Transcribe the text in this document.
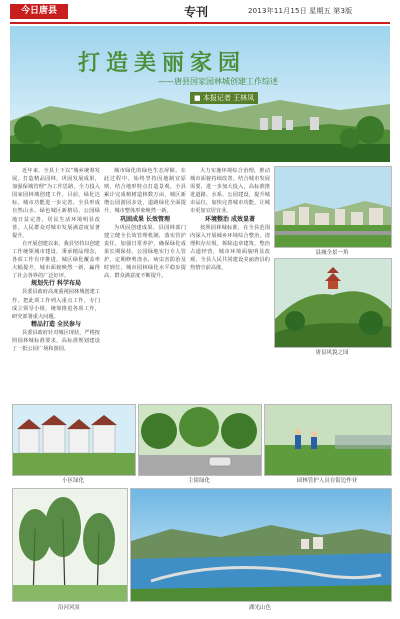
今日唐县	专刊	2013年11月15日 星期五 第3版
打造美丽家园
——唐县国家园林城创建工作综述
■ 本报记者 王林凤

近年来，全县上下以“城乡统筹发展，打造精品园林，巩固发展成果，加强保城管理”为工作思路，全力投入国家园林城创建工作。目前，绿化达标，城市功能进一步完善，全县形成自然山水、绿色城区新格局，公园绿地日益完善，居民生活环境明显改善，人民群众对城市发展满意度显著提升。

自开展创建以来，我县坚持以创建工作统领城市建设，秉承精品理念，各项工作有序推进，城区绿化覆盖率大幅提升，城市面貌焕然一新，赢得了社会各界的广泛好评。

规划先行 科学布局

县委县政府高度重视园林城创建工作，把此项工作列入重点工作，专门成立领导小组，统筹推进各项工作，研究部署重大问题。

精品打造 全民参与

县委县政府针对城区现状，严格按照园林城标准要求，高标准规划建设了一批公园广场和游园。

城市绿化的绿色生态屏障。在此过程中，始终坚持因地制宜原则，结合地形特点打造景观。全县累计完成植树造林数万亩，城区新增公园游园多处，道路绿化全面提升，城市整体形象焕然一新。

巩固成果 长效管理

为巩固创建成果，县园林部门建立健全长效管理机制，落实管护责任，加强日常养护，确保绿化成果长期保持。公园绿地实行专人管护，定期修剪浇水，病虫害防治及时到位，城市园林绿化水平稳步提高，群众满意度不断提升。

大力实施环境综合治理，推动城市面貌持续改善。结合城市发展需要，进一步加大投入，高标准推进道路、水系、公园建设，提升城市品位，加快完善城市功能，让城市更加宜居宜业。

环境整治 成效显著

按照园林城标准，在全县范围内深入开展城乡环境综合整治，清理积存垃圾，拆除违章建筑，整治占道经营，城市环境面貌明显改观，全县人民共同建设美丽唐县的热情空前高涨。

县城全景一角
唐县风貌之园
小区绿化	主街绿化	园林管护人员在街边作业
沿河风景	湖光山色
